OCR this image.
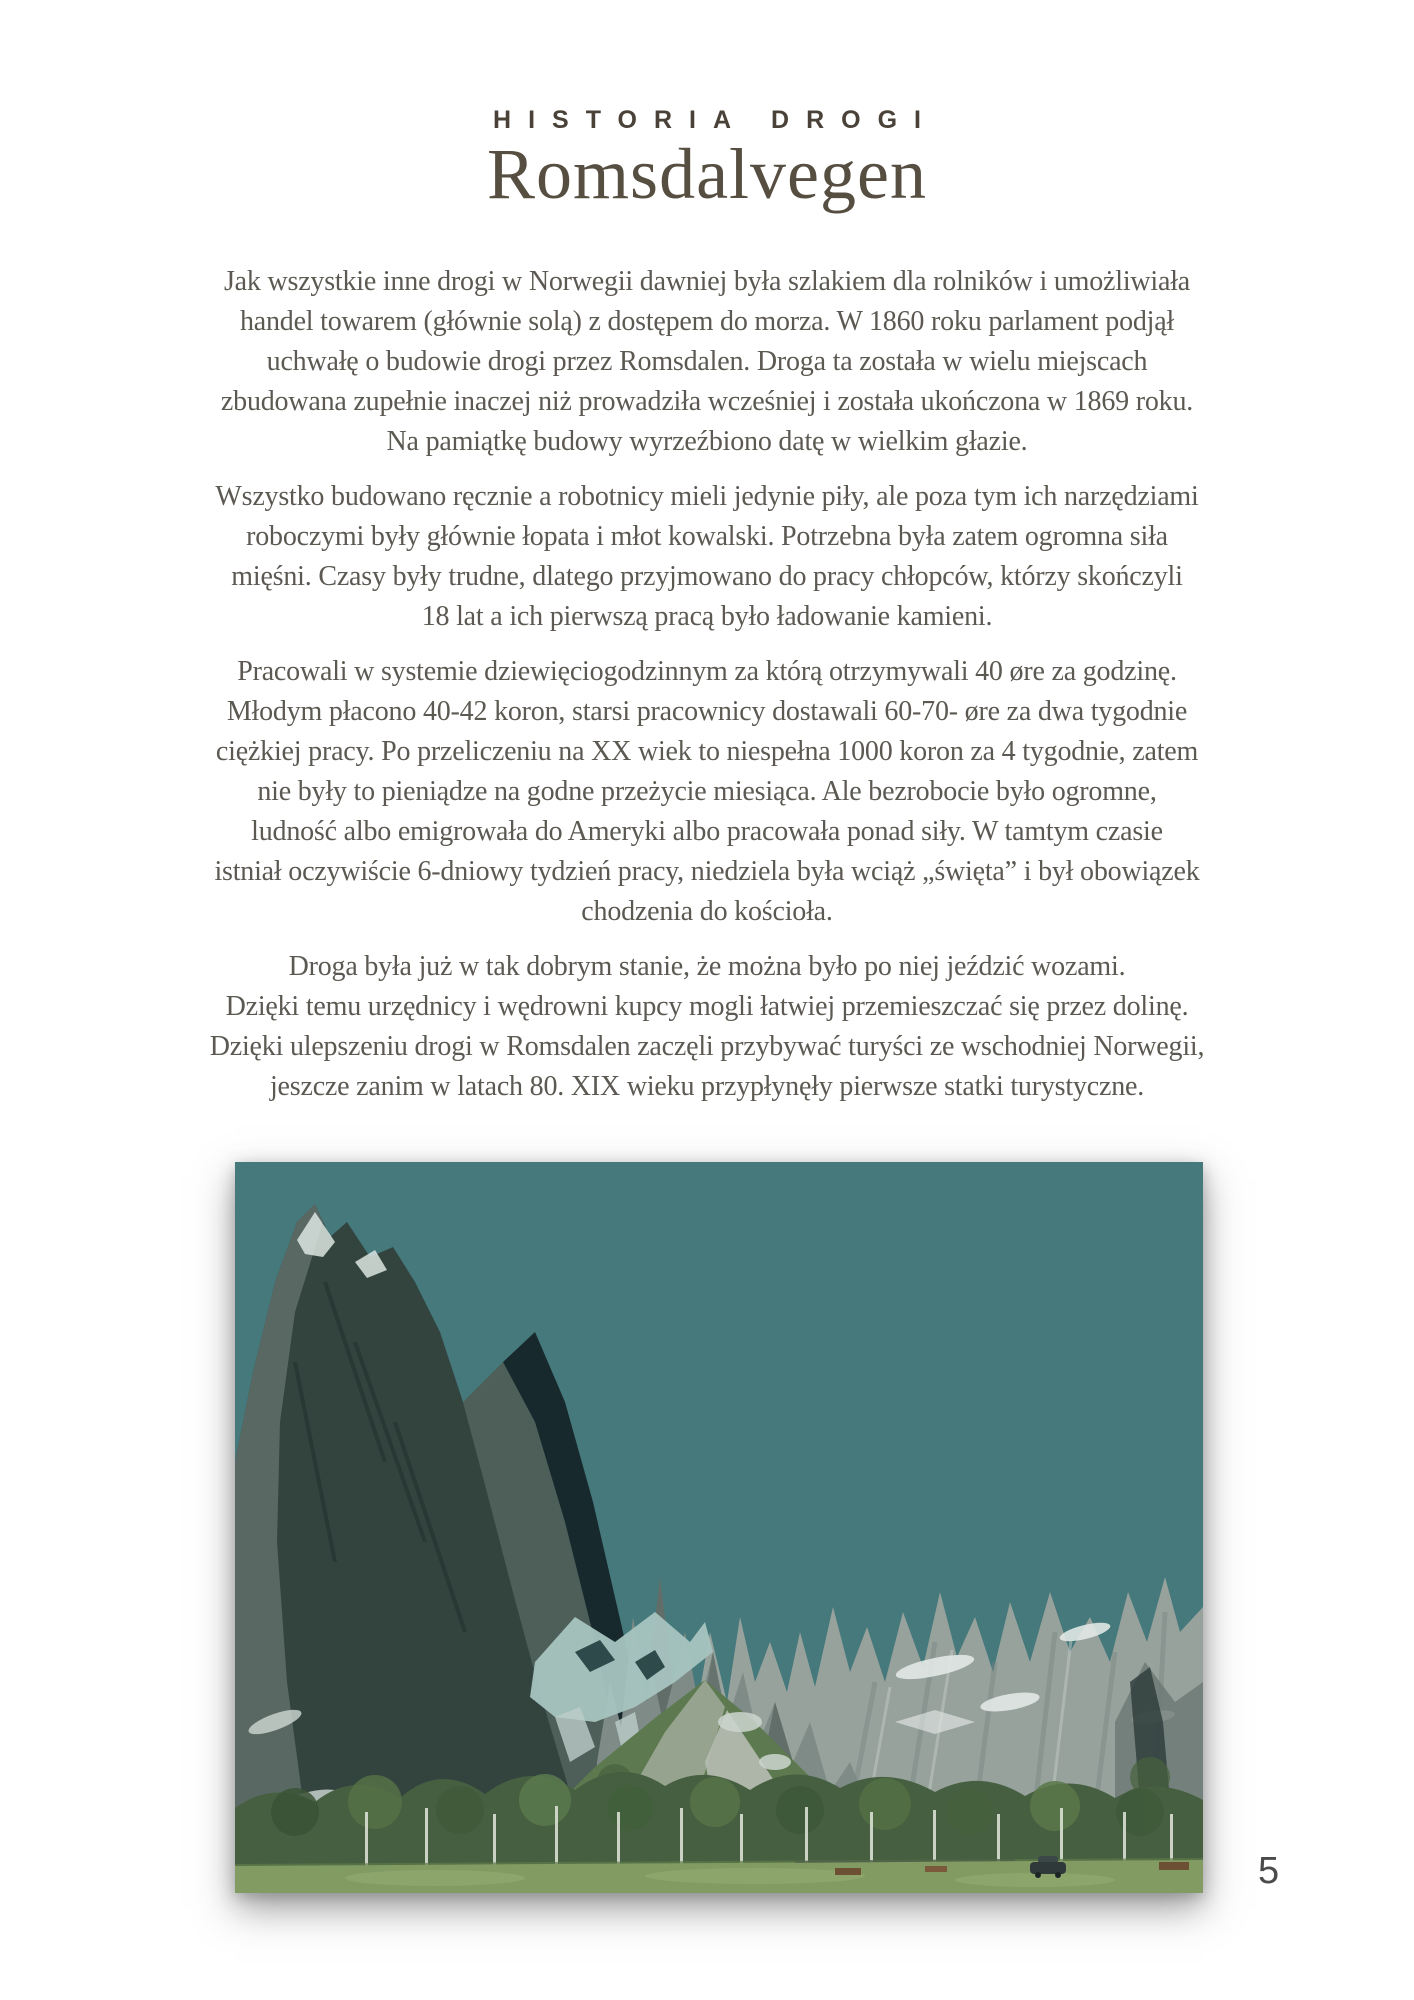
HISTORIA DROGI
Romsdalvegen
Jak wszystkie inne drogi w Norwegii dawniej była szlakiem dla rolników i umożliwiała
handel towarem (głównie solą) z dostępem do morza. W 1860 roku parlament podjął
uchwałę o budowie drogi przez Romsdalen. Droga ta została w wielu miejscach
zbudowana zupełnie inaczej niż prowadziła wcześniej i została ukończona w 1869 roku.
Na pamiątkę budowy wyrzeźbiono datę w wielkim głazie.
Wszystko budowano ręcznie a robotnicy mieli jedynie piły, ale poza tym ich narzędziami
roboczymi były głównie łopata i młot kowalski. Potrzebna była zatem ogromna siła
mięśni. Czasy były trudne, dlatego przyjmowano do pracy chłopców, którzy skończyli
18 lat a ich pierwszą pracą było ładowanie kamieni.
Pracowali w systemie dziewięciogodzinnym za którą otrzymywali 40 øre za godzinę.
Młodym płacono 40-42 koron, starsi pracownicy dostawali 60-70- øre za dwa tygodnie
ciężkiej pracy. Po przeliczeniu na XX wiek to niespełna 1000 koron za 4 tygodnie, zatem
nie były to pieniądze na godne przeżycie miesiąca. Ale bezrobocie było ogromne,
ludność albo emigrowała do Ameryki albo pracowała ponad siły. W tamtym czasie
istniał oczywiście 6-dniowy tydzień pracy, niedziela była wciąż „święta” i był obowiązek
chodzenia do kościoła.
Droga była już w tak dobrym stanie, że można było po niej jeździć wozami.
Dzięki temu urzędnicy i wędrowni kupcy mogli łatwiej przemieszczać się przez dolinę.
Dzięki ulepszeniu drogi w Romsdalen zaczęli przybywać turyści ze wschodniej Norwegii,
jeszcze zanim w latach 80. XIX wieku przypłynęły pierwsze statki turystyczne.
5
